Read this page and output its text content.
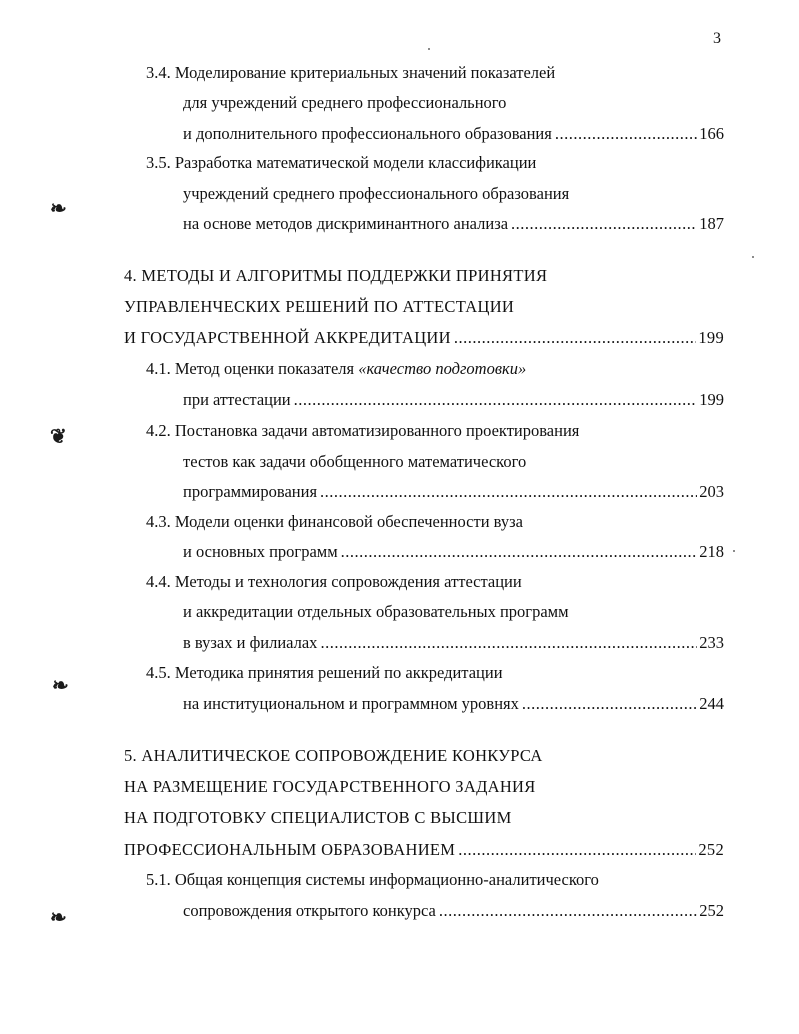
3
❧
❦
❧
❧
3.4. Моделирование критериальных значений показателей
для учреждений среднего профессионального
и дополнительного профессионального образования .....	166
3.5. Разработка математической модели классификации
учреждений среднего профессионального образования
на основе методов дискриминантного анализа .....	187
4. МЕТОДЫ И АЛГОРИТМЫ ПОДДЕРЖКИ ПРИНЯТИЯ
УПРАВЛЕНЧЕСКИХ РЕШЕНИЙ ПО АТТЕСТАЦИИ
И ГОСУДАРСТВЕННОЙ АККРЕДИТАЦИИ .....	199
4.1. Метод оценки показателя «качество подготовки»
при аттестации .....	199
4.2. Постановка задачи автоматизированного проектирования
тестов как задачи обобщенного математического
программирования .....	203
4.3. Модели оценки финансовой обеспеченности вуза
и основных программ .....	218
4.4. Методы и технология сопровождения аттестации
и аккредитации отдельных образовательных программ
в вузах и филиалах .....	233
4.5. Методика принятия решений по аккредитации
на институциональном и программном уровнях .....	244
5. АНАЛИТИЧЕСКОЕ СОПРОВОЖДЕНИЕ КОНКУРСА
НА РАЗМЕЩЕНИЕ ГОСУДАРСТВЕННОГО ЗАДАНИЯ
НА ПОДГОТОВКУ СПЕЦИАЛИСТОВ С ВЫСШИМ
ПРОФЕССИОНАЛЬНЫМ ОБРАЗОВАНИЕМ .....	252
5.1. Общая концепция системы информационно-аналитического
сопровождения открытого конкурса .....	252
